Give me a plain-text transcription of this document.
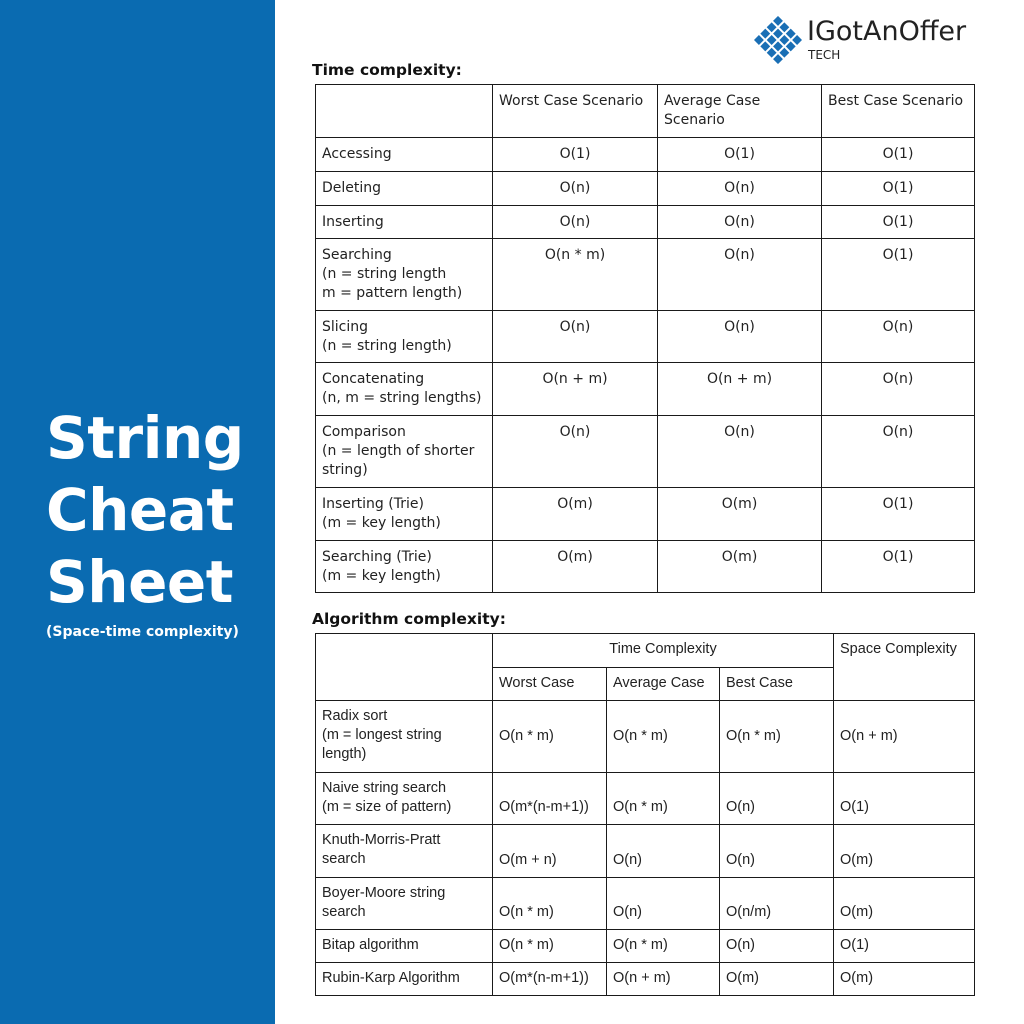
String
Cheat
Sheet
(Space-time complexity)
IGotAnOffer
TECH
Time complexity:
	Worst Case Scenario	Average Case Scenario	Best Case Scenario
Accessing	O(1)	O(1)	O(1)
Deleting	O(n)	O(n)	O(1)
Inserting	O(n)	O(n)	O(1)
Searching
(n = string length
m = pattern length)	O(n * m)	O(n)	O(1)
Slicing
(n = string length)	O(n)	O(n)	O(n)
Concatenating
(n, m = string lengths)	O(n + m)	O(n + m)	O(n)
Comparison
(n = length of shorter
string)	O(n)	O(n)	O(n)
Inserting (Trie)
(m = key length)	O(m)	O(m)	O(1)
Searching (Trie)
(m = key length)	O(m)	O(m)	O(1)
Algorithm complexity:
	Time Complexity			Space Complexity
	Worst Case	Average Case	Best Case	
Radix sort
(m = longest string
length)	O(n * m)	O(n * m)	O(n * m)	O(n + m)
Naive string search
(m = size of pattern)	O(m*(n-m+1))	O(n * m)	O(n)	O(1)
Knuth-Morris-Pratt
search	O(m + n)	O(n)	O(n)	O(m)
Boyer-Moore string
search	O(n * m)	O(n)	O(n/m)	O(m)
Bitap algorithm	O(n * m)	O(n * m)	O(n)	O(1)
Rubin-Karp Algorithm	O(m*(n-m+1))	O(n + m)	O(m)	O(m)
